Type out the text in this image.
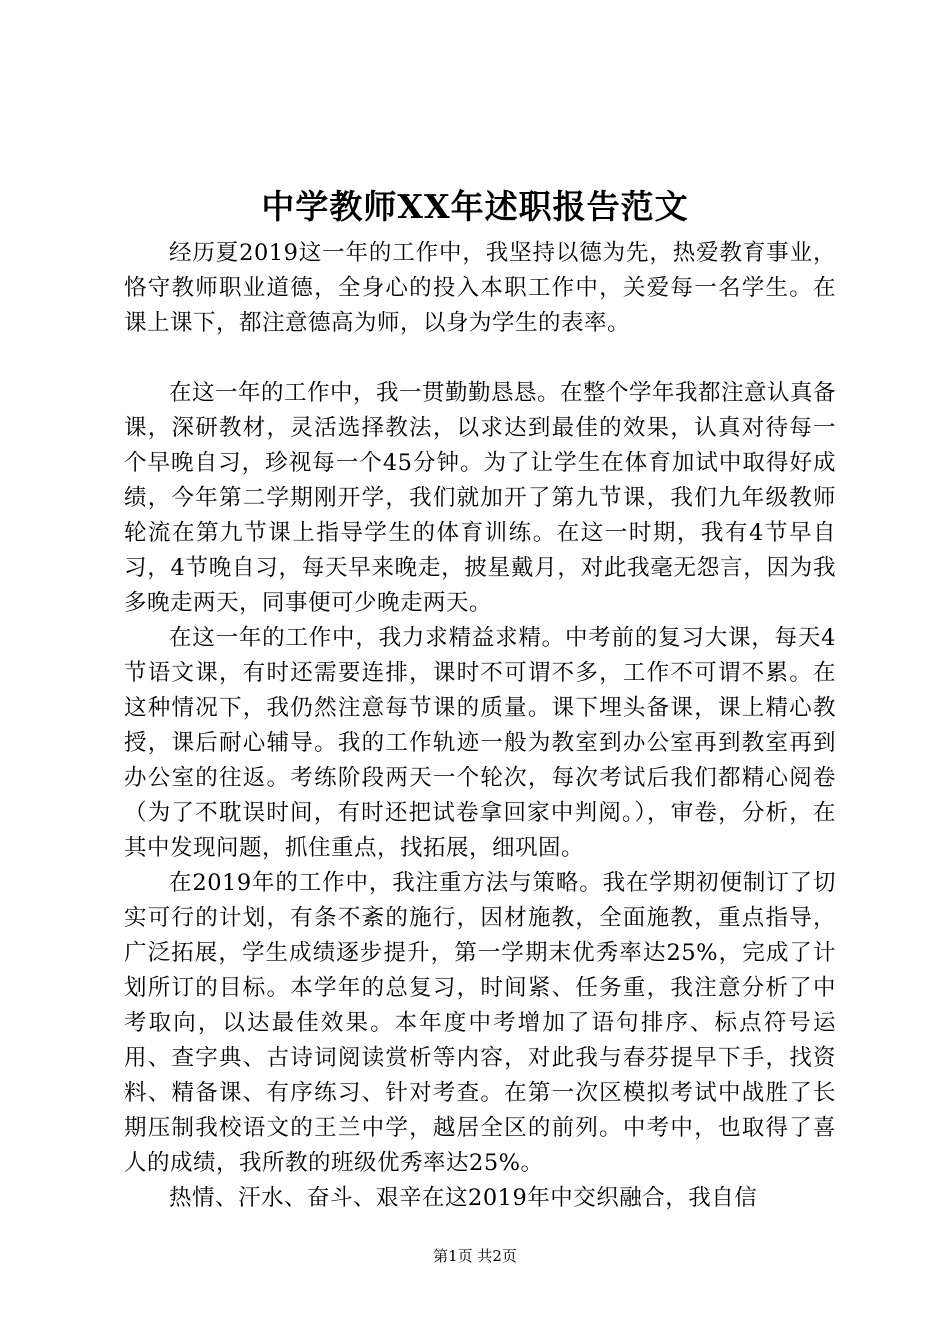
中学教师XX年述职报告范文

经历夏2019这一年的工作中，我坚持以德为先，热爱教育事业，恪守教师职业道德，全身心的投入本职工作中，关爱每一名学生。在课上课下，都注意德高为师，以身为学生的表率。

在这一年的工作中，我一贯勤勤恳恳。在整个学年我都注意认真备课，深研教材，灵活选择教法，以求达到最佳的效果，认真对待每一个早晚自习，珍视每一个45分钟。为了让学生在体育加试中取得好成绩，今年第二学期刚开学，我们就加开了第九节课，我们九年级教师轮流在第九节课上指导学生的体育训练。在这一时期，我有4节早自习，4节晚自习，每天早来晚走，披星戴月，对此我毫无怨言，因为我多晚走两天，同事便可少晚走两天。

在这一年的工作中，我力求精益求精。中考前的复习大课，每天4节语文课，有时还需要连排，课时不可谓不多，工作不可谓不累。在这种情况下，我仍然注意每节课的质量。课下埋头备课，课上精心教授，课后耐心辅导。我的工作轨迹一般为教室到办公室再到教室再到办公室的往返。考练阶段两天一个轮次，每次考试后我们都精心阅卷（为了不耽误时间，有时还把试卷拿回家中判阅。），审卷，分析，在其中发现问题，抓住重点，找拓展，细巩固。

在2019年的工作中，我注重方法与策略。我在学期初便制订了切实可行的计划，有条不紊的施行，因材施教，全面施教，重点指导，广泛拓展，学生成绩逐步提升，第一学期末优秀率达25%，完成了计划所订的目标。本学年的总复习，时间紧、任务重，我注意分析了中考取向，以达最佳效果。本年度中考增加了语句排序、标点符号运用、查字典、古诗词阅读赏析等内容，对此我与春芬提早下手，找资料、精备课、有序练习、针对考查。在第一次区模拟考试中战胜了长期压制我校语文的王兰中学，越居全区的前列。中考中，也取得了喜人的成绩，我所教的班级优秀率达25%。

热情、汗水、奋斗、艰辛在这2019年中交织融合，我自信

第1页 共2页
